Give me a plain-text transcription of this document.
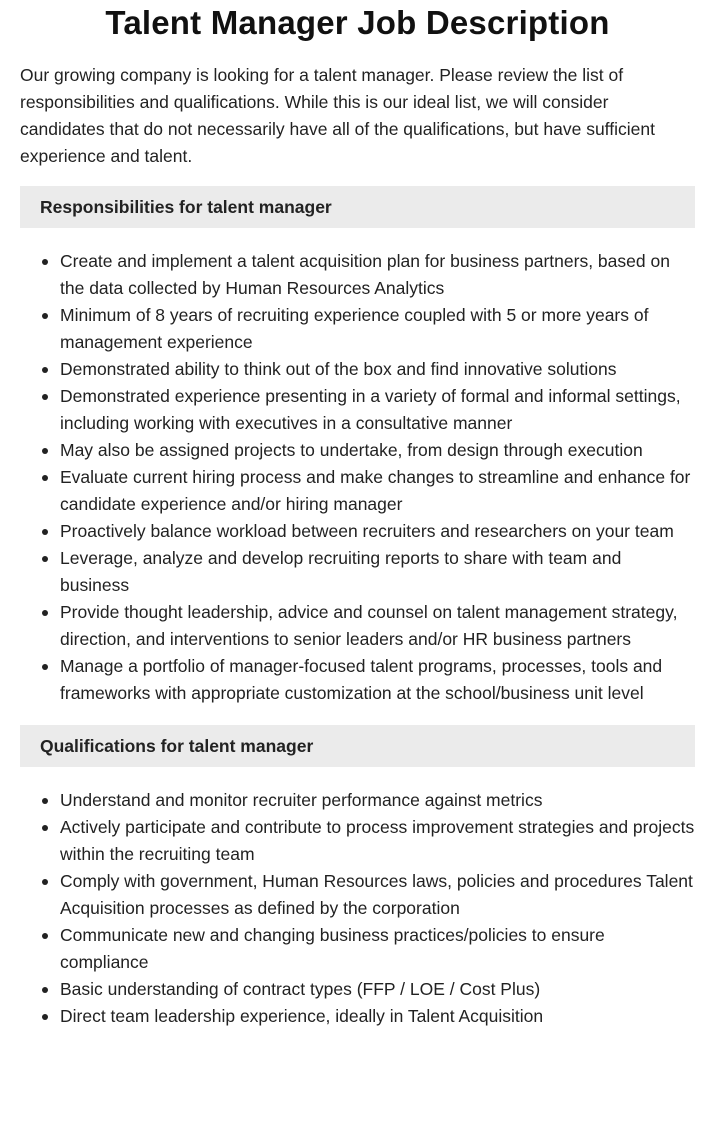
Talent Manager Job Description

Our growing company is looking for a talent manager. Please review the list of responsibilities and qualifications. While this is our ideal list, we will consider candidates that do not necessarily have all of the qualifications, but have sufficient experience and talent.

Responsibilities for talent manager
Create and implement a talent acquisition plan for business partners, based on the data collected by Human Resources Analytics
Minimum of 8 years of recruiting experience coupled with 5 or more years of management experience
Demonstrated ability to think out of the box and find innovative solutions
Demonstrated experience presenting in a variety of formal and informal settings, including working with executives in a consultative manner
May also be assigned projects to undertake, from design through execution
Evaluate current hiring process and make changes to streamline and enhance for candidate experience and/or hiring manager
Proactively balance workload between recruiters and researchers on your team
Leverage, analyze and develop recruiting reports to share with team and business
Provide thought leadership, advice and counsel on talent management strategy, direction, and interventions to senior leaders and/or HR business partners
Manage a portfolio of manager-focused talent programs, processes, tools and frameworks with appropriate customization at the school/business unit level
Qualifications for talent manager
Understand and monitor recruiter performance against metrics
Actively participate and contribute to process improvement strategies and projects within the recruiting team
Comply with government, Human Resources laws, policies and procedures Talent Acquisition processes as defined by the corporation
Communicate new and changing business practices/policies to ensure compliance
Basic understanding of contract types (FFP / LOE / Cost Plus)
Direct team leadership experience, ideally in Talent Acquisition
